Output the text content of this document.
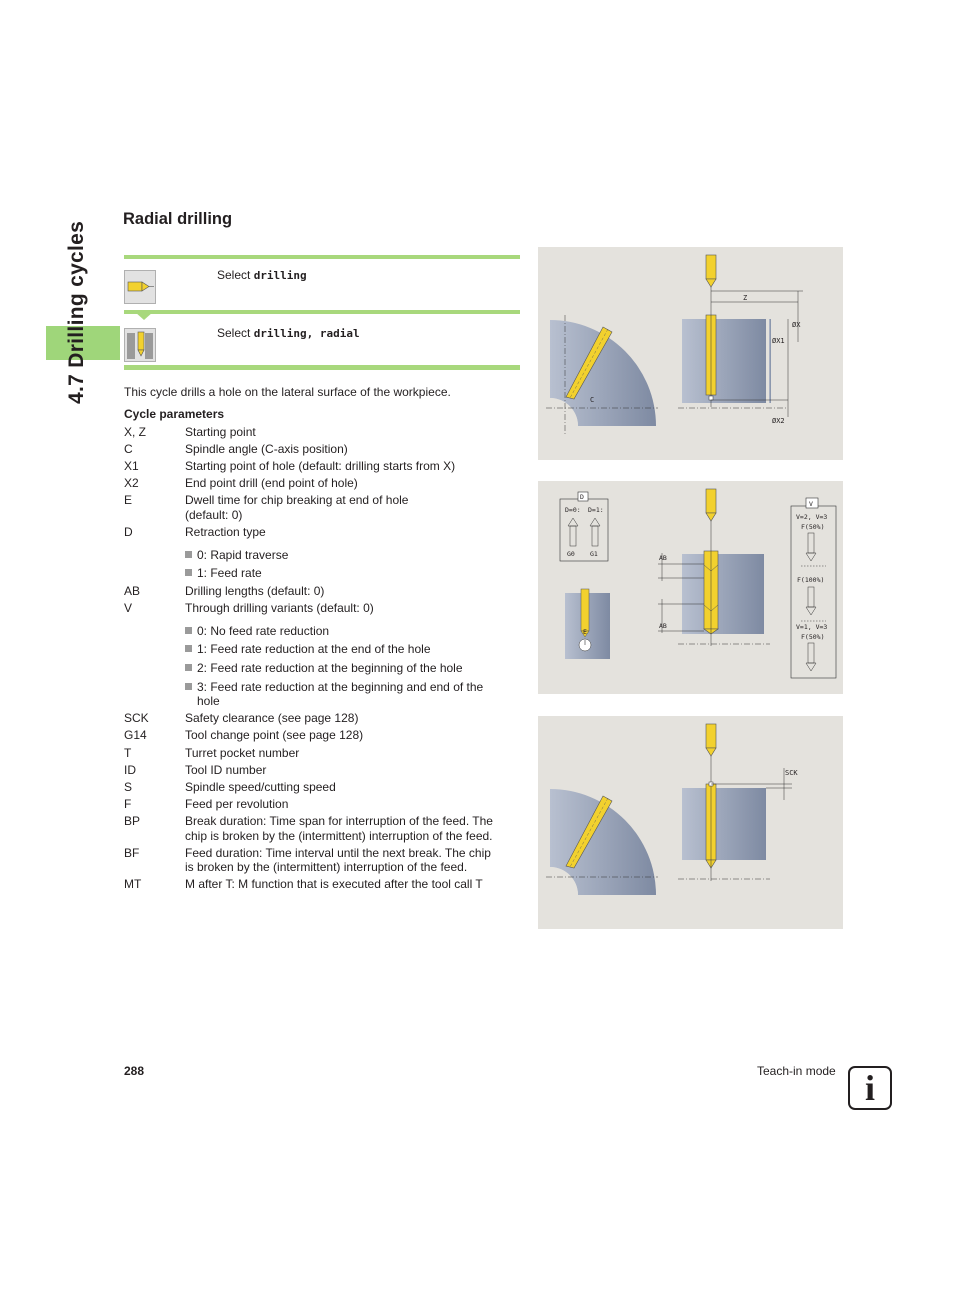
4.7 Drilling cycles
Radial drilling
Select drilling
Select drilling, radial
This cycle drills a hole on the lateral surface of the workpiece.
Cycle parameters
X, Z	Starting point
C	Spindle angle (C-axis position)
X1	Starting point of hole (default: drilling starts from X)
X2	End point drill (end point of hole)
E	Dwell time for chip breaking at end of hole
(default: 0)
D	Retraction type
0: Rapid traverse
1: Feed rate
AB	Drilling lengths (default: 0)
V	Through drilling variants (default: 0)
0: No feed rate reduction
1: Feed rate reduction at the end of the hole
2: Feed rate reduction at the beginning of the hole
3: Feed rate reduction at the beginning and end of the
hole
SCK	Safety clearance (see page 128)
G14	Tool change point (see page 128)
T	Turret pocket number
ID	Tool ID number
S	Spindle speed/cutting speed
F	Feed per revolution
BP	Break duration: Time span for interruption of the feed. The
chip is broken by the (intermittent) interruption of the feed.
BF	Feed duration: Time interval until the next break. The chip
is broken by the (intermittent) interruption of the feed.
MT	M after T: M function that is executed after the tool call T
C
Z
ØX
ØX1
ØX2
D
D=0: D=1:
G0 G1
E
AB
AB
V
V=2, V=3
F(50%)
F(100%)
V=1, V=3
F(50%)
SCK
288	Teach-in mode i
